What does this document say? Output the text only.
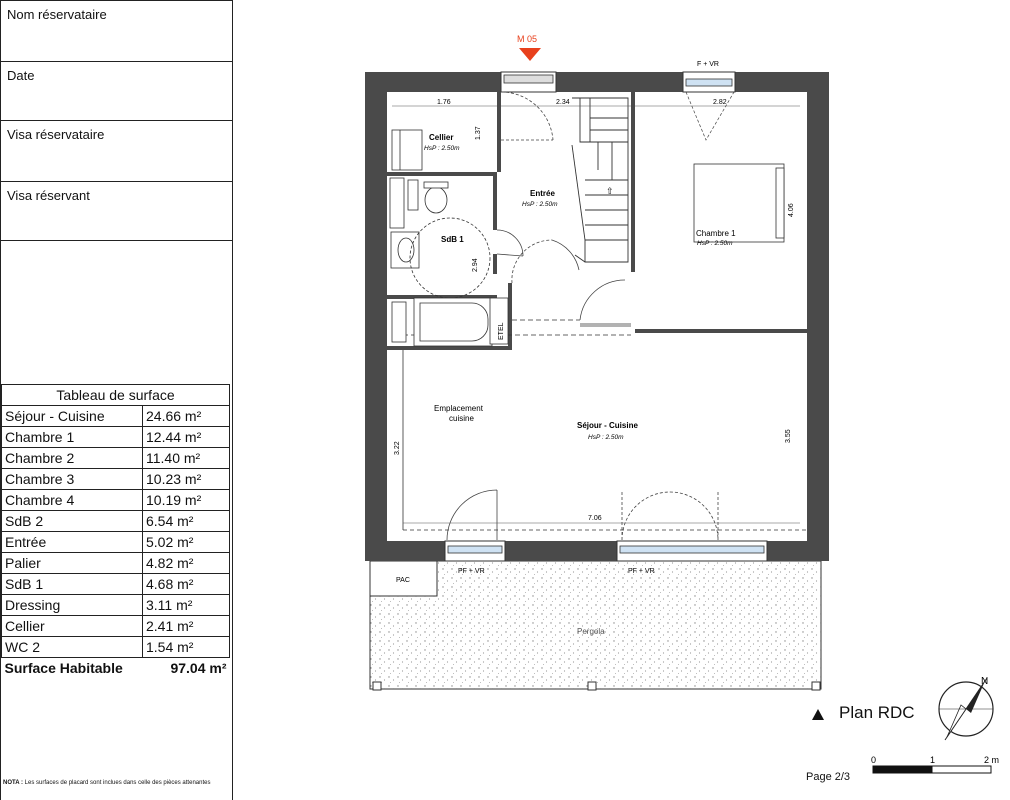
Nom réservataire
Date
Visa réservataire
Visa réservant
Tableau de surface	
Séjour - Cuisine	24.66 m²
Chambre 1	12.44 m²
Chambre 2	11.40 m²
Chambre 3	10.23 m²
Chambre 4	10.19 m²
SdB 2	6.54 m²
Entrée	5.02 m²
Palier	4.82 m²
SdB 1	4.68 m²
Dressing	3.11 m²
Cellier	2.41 m²
WC 2	1.54 m²
Surface Habitable	97.04 m²
NOTA : Les surfaces de placard sont inclues dans celle des pièces attenantes
⇧
Cellier
HsP : 2.50m
Entrée
HsP : 2.50m
Chambre 1
HsP : 2.50m
SdB 1
Séjour - Cuisine
HsP : 2.50m
Emplacement
cuisine
ETEL
PAC
Pergola
F + VR
PF + VR	PF + VR
M 05
1.76	2.34	2.82
1.37
4.06
2.94
3.22
3.55
7.06
N
0	1	2 m
Plan RDC
Page 2/3
